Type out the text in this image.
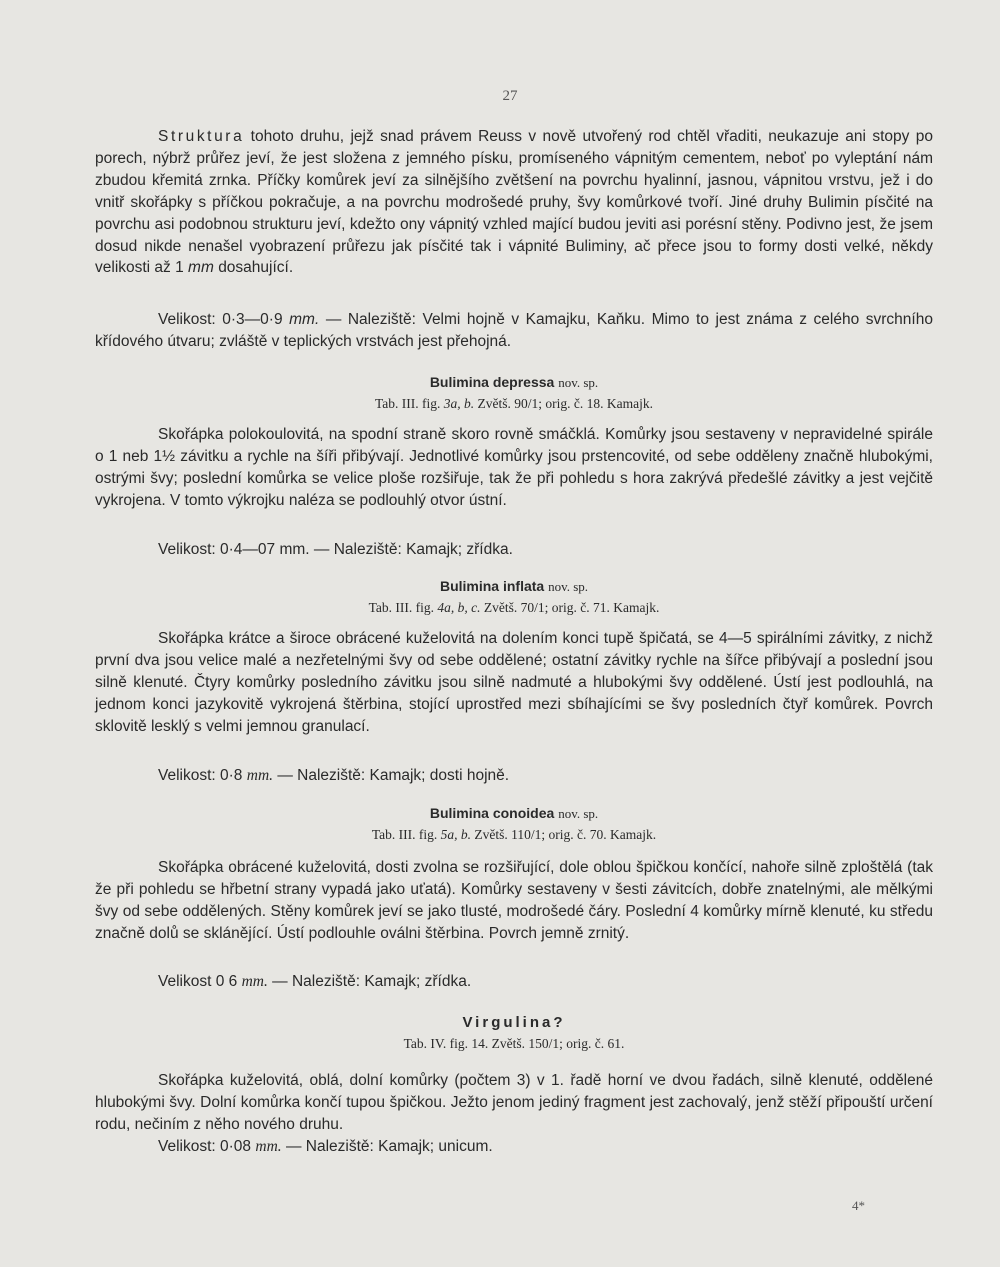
27

Struktura tohoto druhu, jejž snad právem Reuss v nově utvořený rod chtěl vřaditi, neukazuje ani stopy po porech, nýbrž průřez jeví, že jest složena z jemného písku, promíseného vápnitým cementem, neboť po vyleptání nám zbudou křemitá zrnka. Příčky komůrek jeví za silnějšího zvětšení na povrchu hyalinní, jasnou, vápnitou vrstvu, jež i do vnitř skořápky s příčkou pokračuje, a na povrchu modrošedé pruhy, švy komůrkové tvoří. Jiné druhy Bulimin písčité na povrchu asi podobnou strukturu jeví, kdežto ony vápnitý vzhled mající budou jeviti asi porésní stěny. Podivno jest, že jsem dosud nikde nenašel vyobrazení průřezu jak písčité tak i vápnité Buliminy, ač přece jsou to formy dosti velké, někdy velikosti až 1 mm dosahující.

Velikost: 0·3—0·9 mm. — Naleziště: Velmi hojně v Kamajku, Kaňku. Mimo to jest známa z celého svrchního křídového útvaru; zvláště v teplických vrstvách jest přehojná.

Bulimina depressa nov. sp.

Tab. III. fig. 3a, b. Zvětš. 90/1; orig. č. 18. Kamajk.

Skořápka polokoulovitá, na spodní straně skoro rovně smáčklá. Komůrky jsou sestaveny v nepravidelné spirále o 1 neb 1½ závitku a rychle na šíři přibývají. Jednotlivé komůrky jsou prstencovité, od sebe odděleny značně hlubokými, ostrými švy; poslední komůrka se velice ploše rozšiřuje, tak že při pohledu s hora zakrývá předešlé závitky a jest vejčitě vykrojena. V tomto výkrojku naléza se podlouhlý otvor ústní.

Velikost: 0·4—07 mm. — Naleziště: Kamajk; zřídka.

Bulimina inflata nov. sp.

Tab. III. fig. 4a, b, c. Zvětš. 70/1; orig. č. 71. Kamajk.

Skořápka krátce a široce obrácené kuželovitá na dolením konci tupě špičatá, se 4—5 spirálními závitky, z nichž první dva jsou velice malé a nezřetelnými švy od sebe oddělené; ostatní závitky rychle na šířce přibývají a poslední jsou silně klenuté. Čtyry komůrky posledního závitku jsou silně nadmuté a hlubokými švy oddělené. Ústí jest podlouhlá, na jednom konci jazykovitě vykrojená štěrbina, stojící uprostřed mezi sbíhajícími se švy posledních čtyř komůrek. Povrch sklovitě lesklý s velmi jemnou granulací.

Velikost: 0·8 mm. — Naleziště: Kamajk; dosti hojně.

Bulimina conoidea nov. sp.

Tab. III. fig. 5a, b. Zvětš. 110/1; orig. č. 70. Kamajk.

Skořápka obrácené kuželovitá, dosti zvolna se rozšiřující, dole oblou špičkou končící, nahoře silně zploštělá (tak že při pohledu se hřbetní strany vypadá jako uťatá). Komůrky sestaveny v šesti závitcích, dobře znatelnými, ale mělkými švy od sebe oddělených. Stěny komůrek jeví se jako tlusté, modrošedé čáry. Poslední 4 komůrky mírně klenuté, ku středu značně dolů se sklánějící. Ústí podlouhle oválni štěrbina. Povrch jemně zrnitý.

Velikost 0 6 mm. — Naleziště: Kamajk; zřídka.

Virgulina?

Tab. IV. fig. 14. Zvětš. 150/1; orig. č. 61.

Skořápka kuželovitá, oblá, dolní komůrky (počtem 3) v 1. řadě horní ve dvou řadách, silně klenuté, oddělené hlubokými švy. Dolní komůrka končí tupou špičkou. Ježto jenom jediný fragment jest zachovalý, jenž stěží připouští určení rodu, nečiním z něho nového druhu.

Velikost: 0·08 mm. — Naleziště: Kamajk; unicum.

4*
